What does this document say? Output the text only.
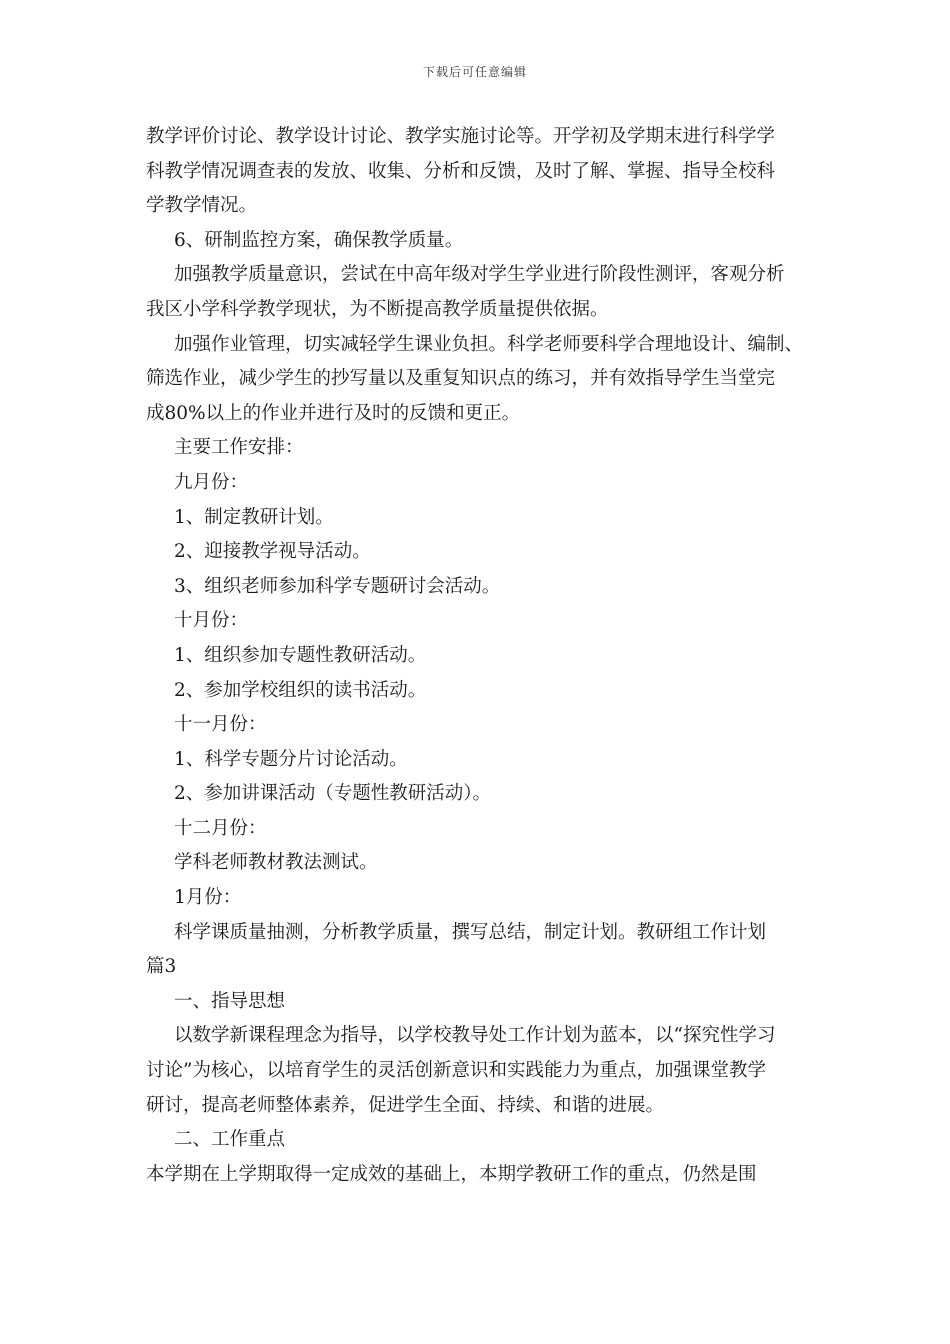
下载后可任意编辑
教学评价讨论、教学设计讨论、教学实施讨论等。开学初及学期末进行科学学
科教学情况调查表的发放、收集、分析和反馈，及时了解、掌握、指导全校科
学教学情况。
6、研制监控方案，确保教学质量。
加强教学质量意识，尝试在中高年级对学生学业进行阶段性测评，客观分析
我区小学科学教学现状，为不断提高教学质量提供依据。
加强作业管理，切实减轻学生课业负担。科学老师要科学合理地设计、编制、
筛选作业，减少学生的抄写量以及重复知识点的练习，并有效指导学生当堂完
成80%以上的作业并进行及时的反馈和更正。
主要工作安排：
九月份：
1、制定教研计划。
2、迎接教学视导活动。
3、组织老师参加科学专题研讨会活动。
十月份：
1、组织参加专题性教研活动。
2、参加学校组织的读书活动。
十一月份：
1、科学专题分片讨论活动。
2、参加讲课活动（专题性教研活动）。
十二月份：
学科老师教材教法测试。
1月份：
科学课质量抽测，分析教学质量，撰写总结，制定计划。教研组工作计划
篇3
一、指导思想
以数学新课程理念为指导，以学校教导处工作计划为蓝本，以“探究性学习
讨论”为核心，以培育学生的灵活创新意识和实践能力为重点，加强课堂教学
研讨，提高老师整体素养，促进学生全面、持续、和谐的进展。
二、工作重点
本学期在上学期取得一定成效的基础上，本期学教研工作的重点，仍然是围
